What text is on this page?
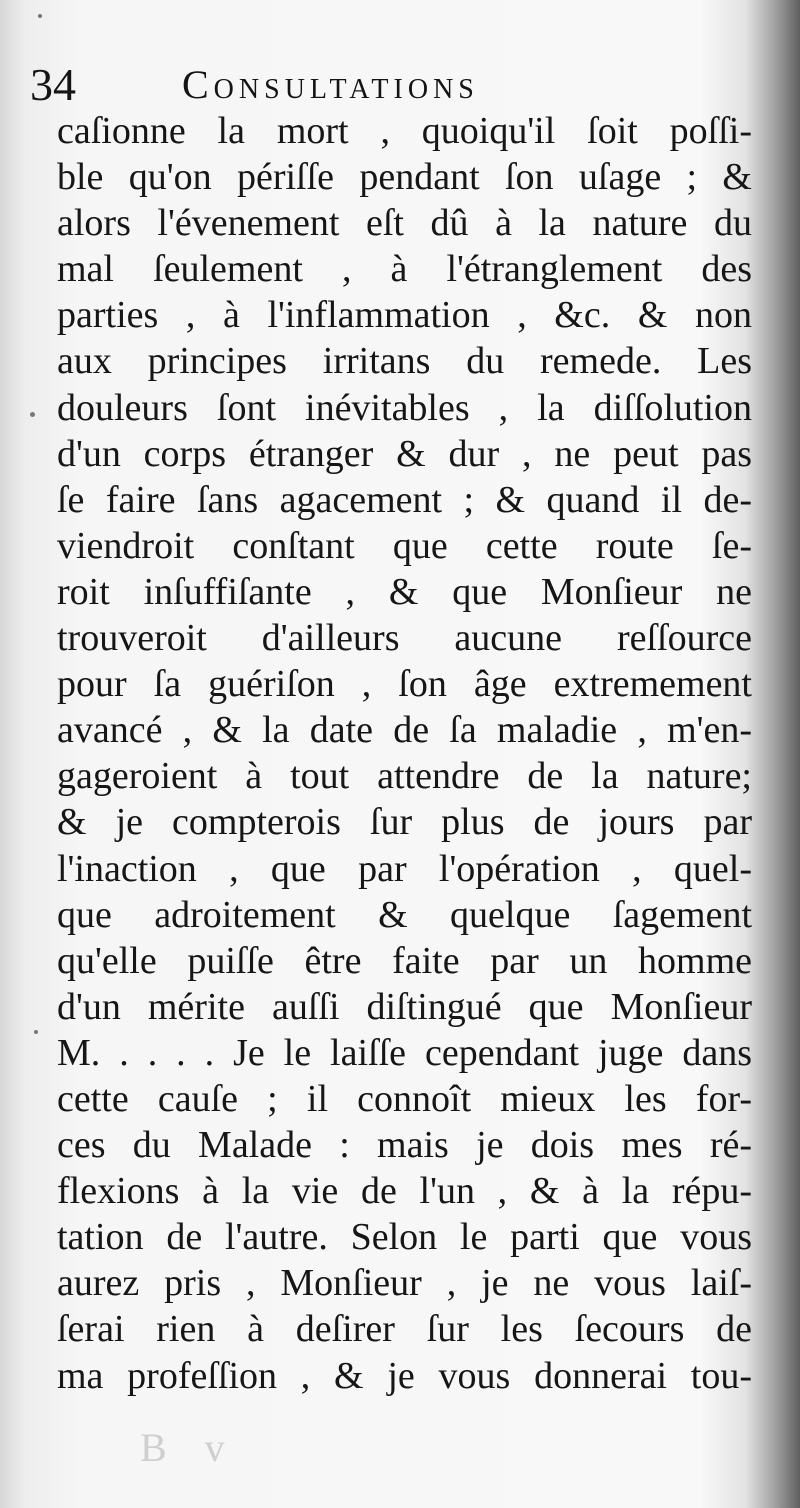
34	Consultations
caſionne la mort , quoiqu'il ſoit poſſi-
ble qu'on périſſe pendant ſon uſage ; &
alors l'évenement eſt dû à la nature du
mal ſeulement , à l'étranglement des
parties , à l'inflammation , &c. & non
aux principes irritans du remede. Les
douleurs ſont inévitables , la diſſolution
d'un corps étranger & dur , ne peut pas
ſe faire ſans agacement ; & quand il de-
viendroit conſtant que cette route ſe-
roit inſuffiſante , & que Monſieur ne
trouveroit d'ailleurs aucune reſſource
pour ſa guériſon , ſon âge extremement
avancé , & la date de ſa maladie , m'en-
gageroient à tout attendre de la nature;
& je compterois ſur plus de jours par
l'inaction , que par l'opération , quel-
que adroitement & quelque ſagement
qu'elle puiſſe être faite par un homme
d'un mérite auſſi diſtingué que Monſieur
M. . . . . Je le laiſſe cependant juge dans
cette cauſe ; il connoît mieux les for-
ces du Malade : mais je dois mes ré-
flexions à la vie de l'un , & à la répu-
tation de l'autre. Selon le parti que vous
aurez pris , Monſieur , je ne vous laiſ-
ſerai rien à deſirer ſur les ſecours de
ma profeſſion , & je vous donnerai tou-
B v
